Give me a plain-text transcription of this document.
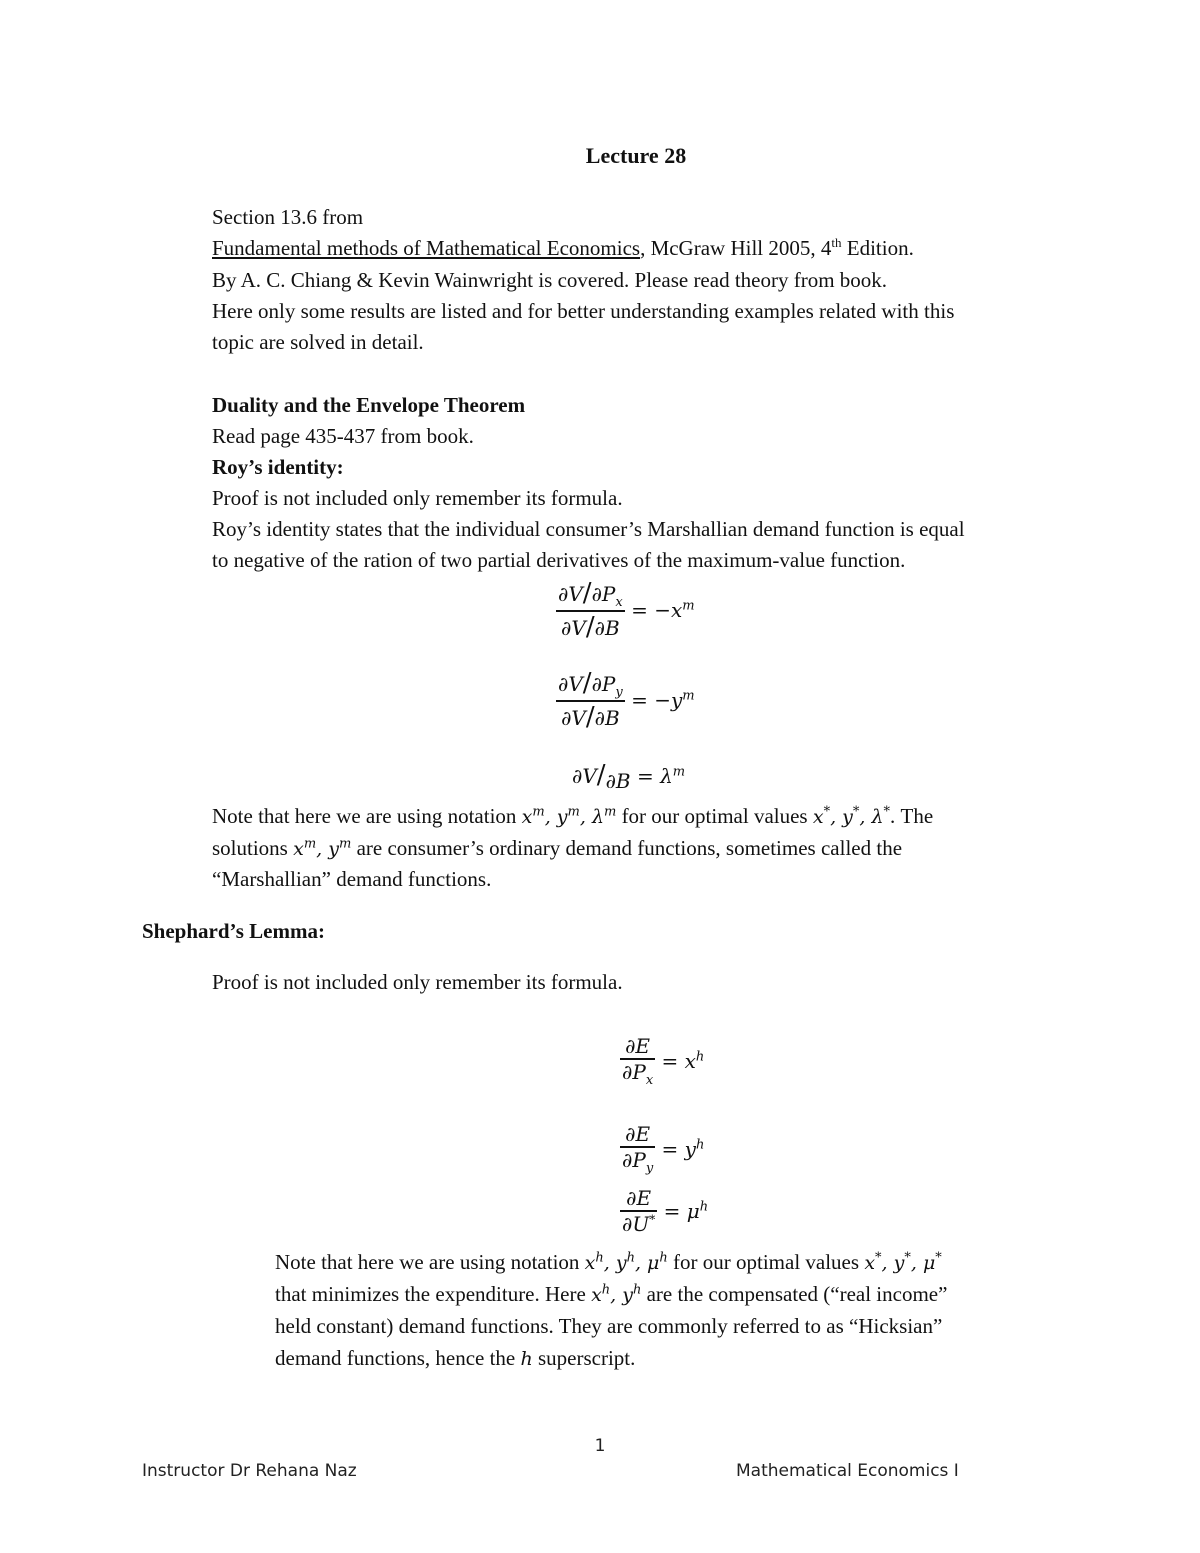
Lecture 28
Section 13.6 from
Fundamental methods of Mathematical Economics, McGraw Hill 2005, 4th Edition.
By A. C. Chiang & Kevin Wainwright is covered. Please read theory from book.
Here only some results are listed and for better understanding examples related with this
topic are solved in detail.
Duality and the Envelope Theorem
Read page 435-437 from book.
Roy’s identity:
Proof is not included only remember its formula.
Roy’s identity states that the individual consumer’s Marshallian demand function is equal
to negative of the ration of two partial derivatives of the maximum-value function.
$\frac{\partial V/\partial P_x}{\partial V/\partial B} = -x^m$
$\frac{\partial V/\partial P_y}{\partial V/\partial B} = -y^m$
$\partial V/_{\partial B} = \lambda^m$
Note that here we are using notation $x^m$, $y^m$, $\lambda^m$ for our optimal values x*, y*, λ*. The
solutions $x^m$, $y^m$ are consumer’s ordinary demand functions, sometimes called the
“Marshallian” demand functions.
Shephard’s Lemma:
Proof is not included only remember its formula.
$\frac{\partial E}{\partial P_x} = x^h$
$\frac{\partial E}{\partial P_y} = y^h$
$\frac{\partial E}{\partial U^*} = \mu^h$
Note that here we are using notation $x^h$, $y^h$, $\mu^h$ for our optimal values x*, y*, μ*
that minimizes the expenditure. Here $x^h$, $y^h$ are the compensated (“real income”
held constant) demand functions. They are commonly referred to as “Hicksian”
demand functions, hence the h superscript.
1
Instructor Dr Rehana Naz	Mathematical Economics I
